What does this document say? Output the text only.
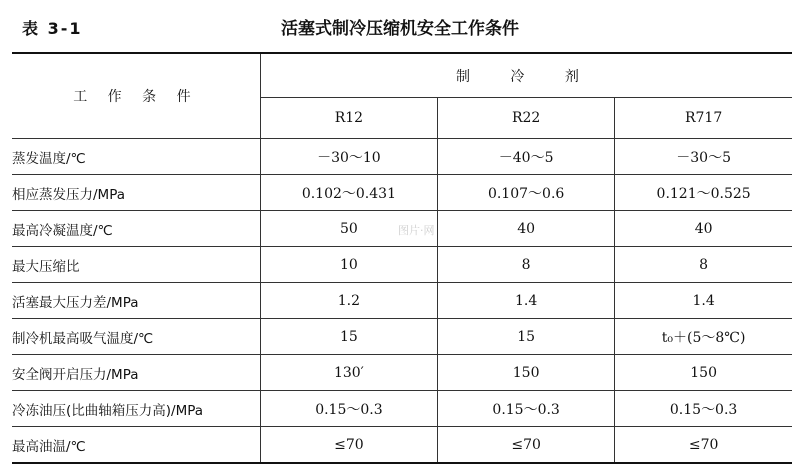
表 3-1	活塞式制冷压缩机安全工作条件
工 作 条 件	制 冷 剂		
	R12	R22	R717
蒸发温度/℃	－30～10	－40～5	－30～5
相应蒸发压力/MPa	0.102～0.431	0.107～0.6	0.121～0.525
最高冷凝温度/℃	50	40	40
最大压缩比	10	8	8
活塞最大压力差/MPa	1.2	1.4	1.4
制冷机最高吸气温度/℃	15	15	t₀＋(5～8℃)
安全阀开启压力/MPa	130′	150	150
冷冻油压(比曲轴箱压力高)/MPa	0.15～0.3	0.15～0.3	0.15～0.3
最高油温/℃	≤70	≤70	≤70
图片·网
